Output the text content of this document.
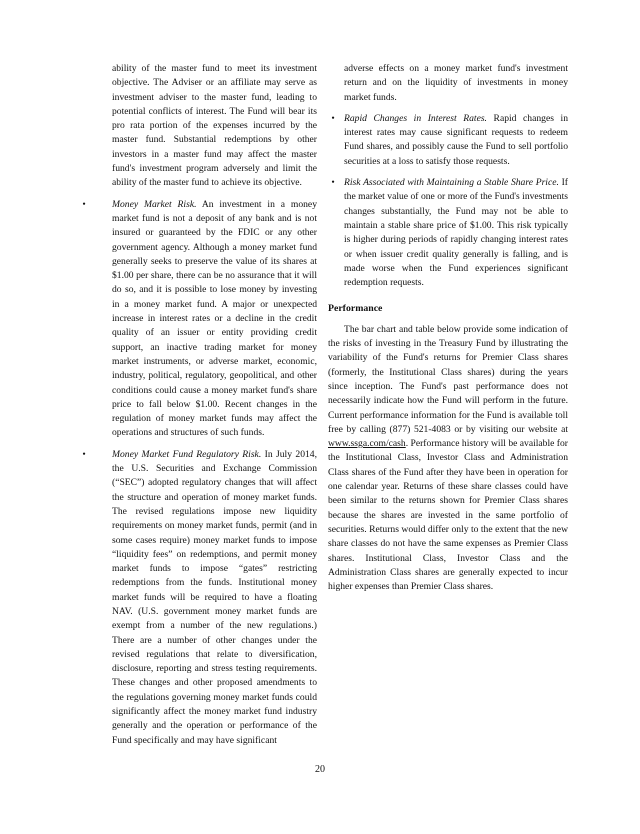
ability of the master fund to meet its investment objective. The Adviser or an affiliate may serve as investment adviser to the master fund, leading to potential conflicts of interest. The Fund will bear its pro rata portion of the expenses incurred by the master fund. Substantial redemptions by other investors in a master fund may affect the master fund's investment program adversely and limit the ability of the master fund to achieve its objective.

•	Money Market Risk. An investment in a money market fund is not a deposit of any bank and is not insured or guaranteed by the FDIC or any other government agency. Although a money market fund generally seeks to preserve the value of its shares at $1.00 per share, there can be no assurance that it will do so, and it is possible to lose money by investing in a money market fund. A major or unexpected increase in interest rates or a decline in the credit quality of an issuer or entity providing credit support, an inactive trading market for money market instruments, or adverse market, economic, industry, political, regulatory, geopolitical, and other conditions could cause a money market fund's share price to fall below $1.00. Recent changes in the regulation of money market funds may affect the operations and structures of such funds.
•	Money Market Fund Regulatory Risk. In July 2014, the U.S. Securities and Exchange Commission (“SEC”) adopted regulatory changes that will affect the structure and operation of money market funds. The revised regulations impose new liquidity requirements on money market funds, permit (and in some cases require) money market funds to impose “liquidity fees” on redemptions, and permit money market funds to impose “gates” restricting redemptions from the funds. Institutional money market funds will be required to have a floating NAV. (U.S. government money market funds are exempt from a number of the new regulations.) There are a number of other changes under the revised regulations that relate to diversification, disclosure, reporting and stress testing requirements. These changes and other proposed amendments to the regulations governing money market funds could significantly affect the money market fund industry generally and the operation or performance of the Fund specifically and may have significant

adverse effects on a money market fund's investment return and on the liquidity of investments in money market funds.

• Rapid Changes in Interest Rates. Rapid changes in interest rates may cause significant requests to redeem Fund shares, and possibly cause the Fund to sell portfolio securities at a loss to satisfy those requests.
• Risk Associated with Maintaining a Stable Share Price. If the market value of one or more of the Fund's investments changes substantially, the Fund may not be able to maintain a stable share price of $1.00. This risk typically is higher during periods of rapidly changing interest rates or when issuer credit quality generally is falling, and is made worse when the Fund experiences significant redemption requests.
Performance

The bar chart and table below provide some indication of the risks of investing in the Treasury Fund by illustrating the variability of the Fund's returns for Premier Class shares (formerly, the Institutional Class shares) during the years since inception. The Fund's past performance does not necessarily indicate how the Fund will perform in the future. Current performance information for the Fund is available toll free by calling (877) 521-4083 or by visiting our website at www.ssga.com/cash. Performance history will be available for the Institutional Class, Investor Class and Administration Class shares of the Fund after they have been in operation for one calendar year. Returns of these share classes could have been similar to the returns shown for Premier Class shares because the shares are invested in the same portfolio of securities. Returns would differ only to the extent that the new share classes do not have the same expenses as Premier Class shares. Institutional Class, Investor Class and the Administration Class shares are generally expected to incur higher expenses than Premier Class shares.

20
